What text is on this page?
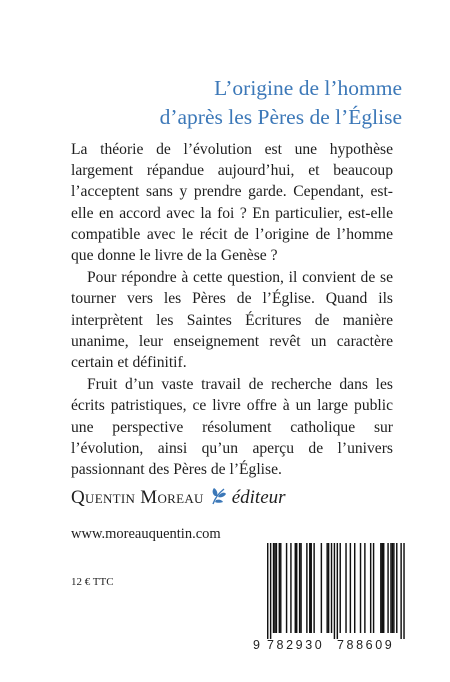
L’origine de l’homme
d’après les Pères de l’Église

La théorie de l’évolution est une hypothèse largement répandue aujourd’hui, et beaucoup l’acceptent sans y prendre garde. Cependant, est-elle en accord avec la foi ? En particulier, est-elle compatible avec le récit de l’origine de l’homme que donne le livre de la Genèse ?

Pour répondre à cette question, il convient de se tourner vers les Pères de l’Église. Quand ils interprètent les Saintes Écritures de manière unanime, leur enseignement revêt un caractère certain et définitif.

Fruit d’un vaste travail de recherche dans les écrits patristiques, ce livre offre à un large public une perspective résolument catholique sur l’évolution, ainsi qu’un aperçu de l’univers passionnant des Pères de l’Église.

Quentin Moreau éditeur
www.moreauquentin.com
12 € TTC
9 782930 788609
